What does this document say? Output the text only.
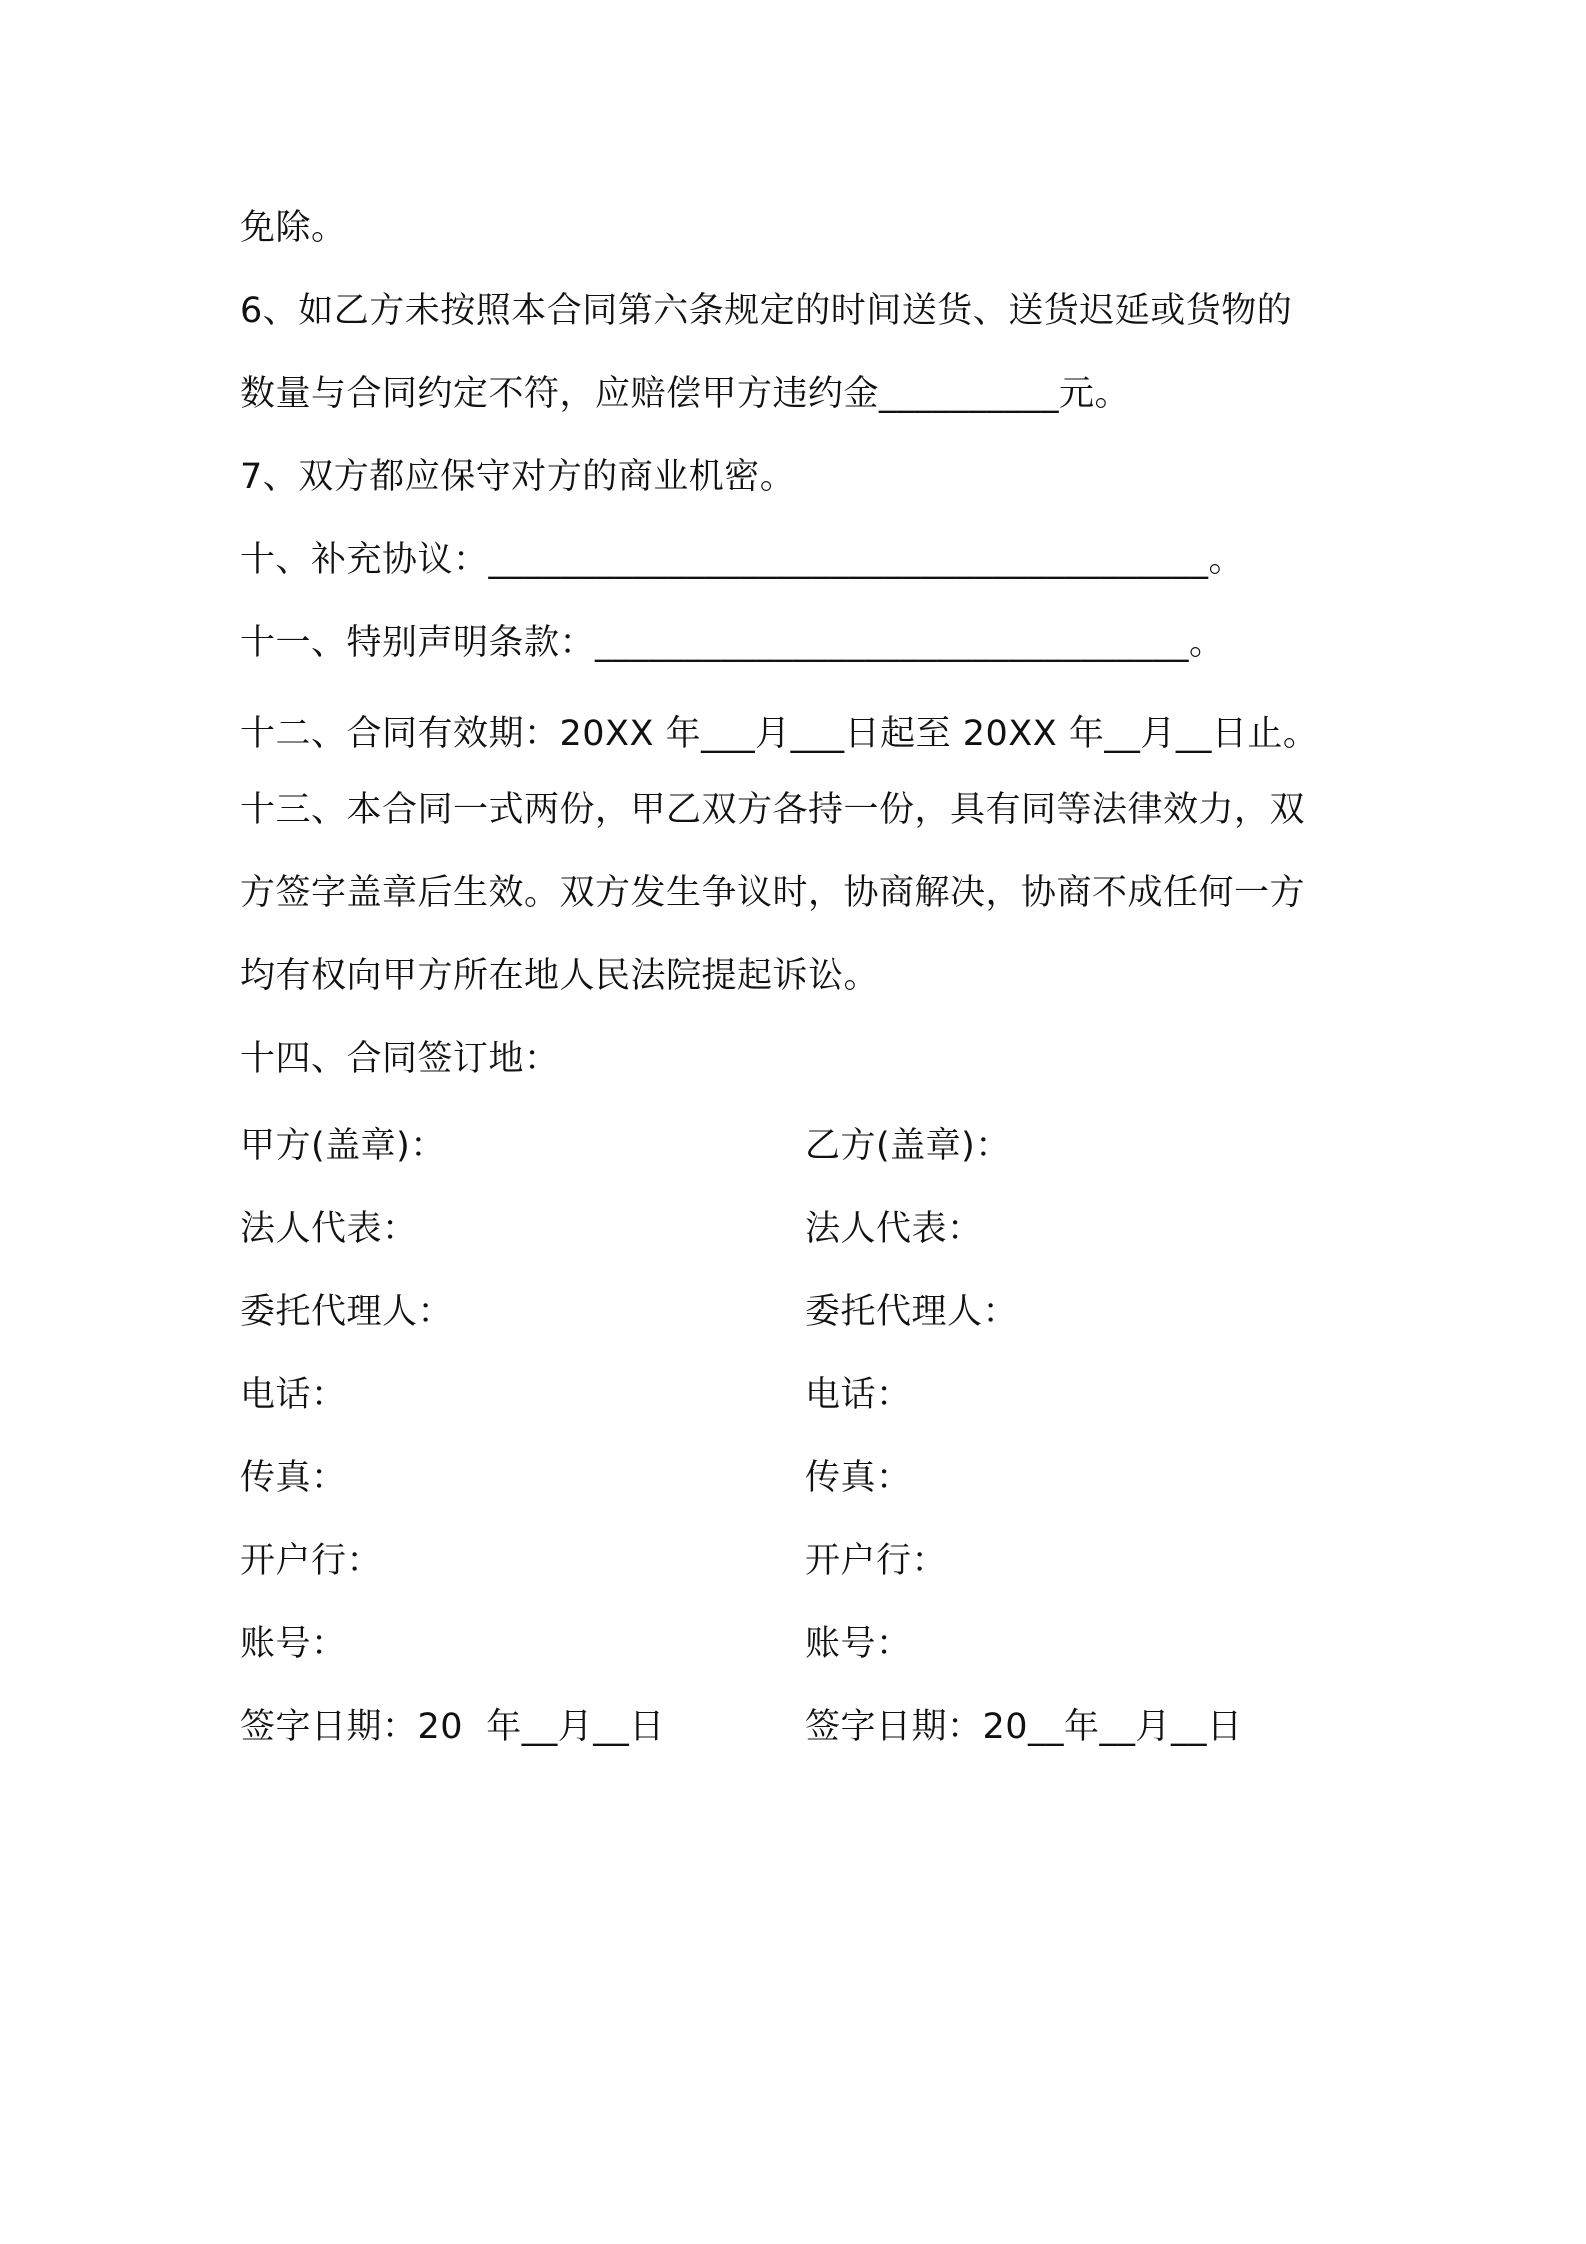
免除。
6、如乙方未按照本合同第六条规定的时间送货、送货迟延或货物的
数量与合同约定不符，应赔偿甲方违约金__________元。
7、双方都应保守对方的商业机密。
十、补充协议：________________________________________。
十一、特别声明条款：_________________________________。
十二、合同有效期：20XX 年___月___日起至 20XX 年__月__日止。
十三、本合同一式两份，甲乙双方各持一份，具有同等法律效力，双
方签字盖章后生效。双方发生争议时，协商解决，协商不成任何一方
均有权向甲方所在地人民法院提起诉讼。
十四、合同签订地：
甲方(盖章)：
法人代表：
委托代理人：
电话：
传真：
开户行：
账号：
签字日期：20  年__月__日
乙方(盖章)：
法人代表：
委托代理人：
电话：
传真：
开户行：
账号：
签字日期：20__年__月__日
